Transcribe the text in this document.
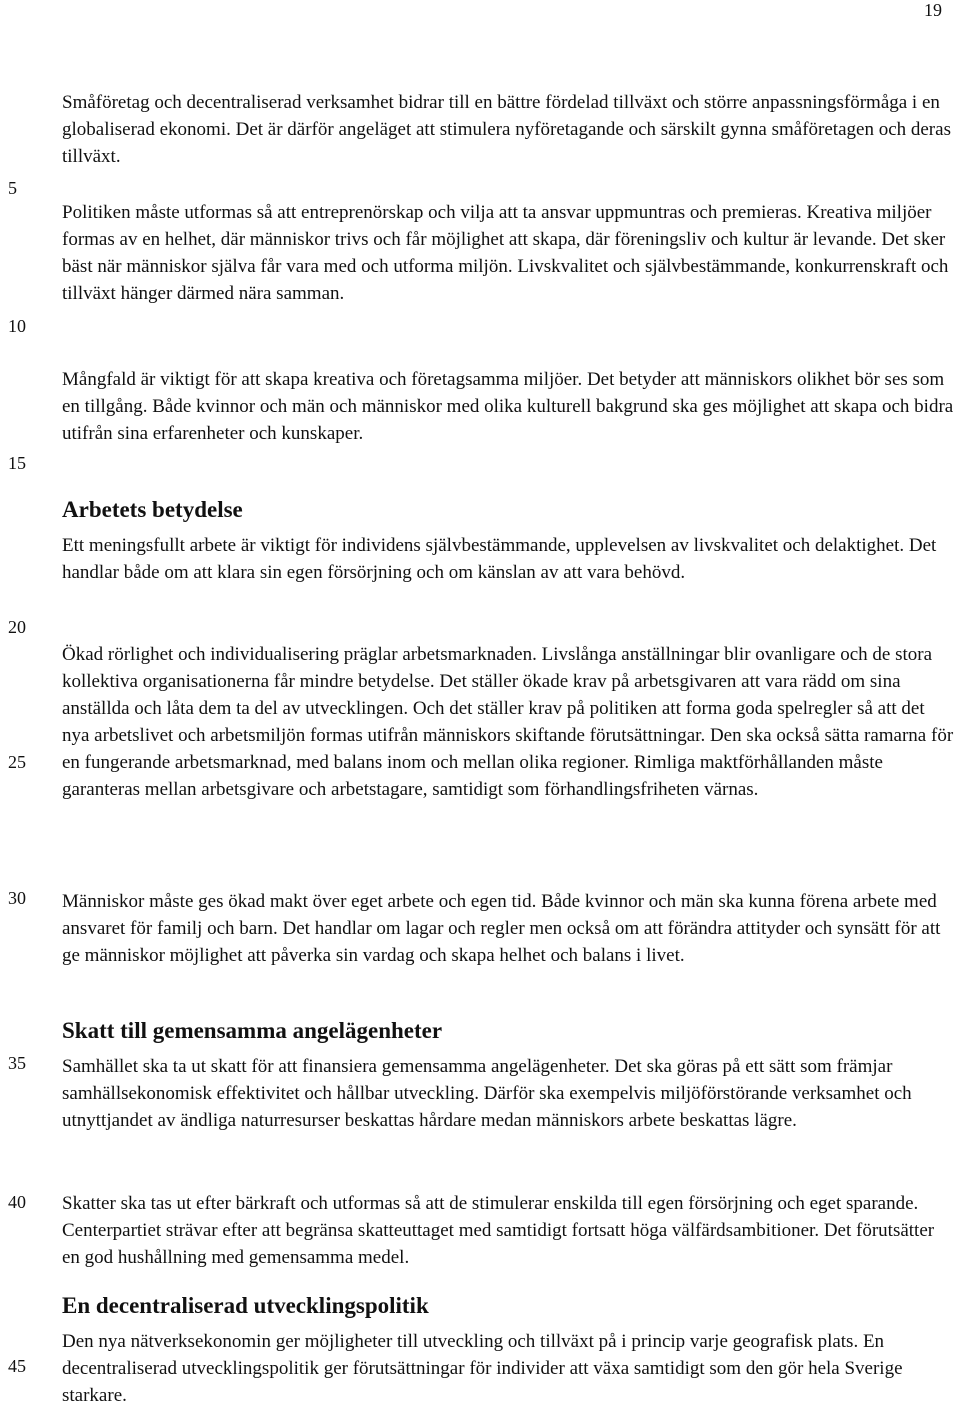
19
5
10
15
20
25
30
35
40
45

Småföretag och decentraliserad verksamhet bidrar till en bättre fördelad tillväxt och större anpassningsförmåga i en globaliserad ekonomi. Det är därför angeläget att stimulera nyföretagande och särskilt gynna småföretagen och deras tillväxt.

Politiken måste utformas så att entreprenörskap och vilja att ta ansvar uppmuntras och premieras. Kreativa miljöer formas av en helhet, där människor trivs och får möjlighet att skapa, där föreningsliv och kultur är levande. Det sker bäst när människor själva får vara med och utforma miljön. Livskvalitet och självbestämmande, konkurrenskraft och tillväxt hänger därmed nära samman.

Mångfald är viktigt för att skapa kreativa och företagsamma miljöer. Det betyder att människors olikhet bör ses som en tillgång. Både kvinnor och män och människor med olika kulturell bakgrund ska ges möjlighet att skapa och bidra utifrån sina erfarenheter och kunskaper.

Arbetets betydelse

Ett meningsfullt arbete är viktigt för individens självbestämmande, upplevelsen av livskvalitet och delaktighet. Det handlar både om att klara sin egen försörjning och om känslan av att vara behövd.

Ökad rörlighet och individualisering präglar arbetsmarknaden. Livslånga anställningar blir ovanligare och de stora kollektiva organisationerna får mindre betydelse. Det ställer ökade krav på arbetsgivaren att vara rädd om sina anställda och låta dem ta del av utvecklingen. Och det ställer krav på politiken att forma goda spelregler så att det nya arbetslivet och arbetsmiljön formas utifrån människors skiftande förutsättningar. Den ska också sätta ramarna för en fungerande arbetsmarknad, med balans inom och mellan olika regioner. Rimliga maktförhållanden måste garanteras mellan arbetsgivare och arbetstagare, samtidigt som förhandlingsfriheten värnas.

Människor måste ges ökad makt över eget arbete och egen tid. Både kvinnor och män ska kunna förena arbete med ansvaret för familj och barn. Det handlar om lagar och regler men också om att förändra attityder och synsätt för att ge människor möjlighet att påverka sin vardag och skapa helhet och balans i livet.

Skatt till gemensamma angelägenheter

Samhället ska ta ut skatt för att finansiera gemensamma angelägenheter. Det ska göras på ett sätt som främjar samhällsekonomisk effektivitet och hållbar utveckling. Därför ska exempelvis miljöförstörande verksamhet och utnyttjandet av ändliga naturresurser beskattas hårdare medan människors arbete beskattas lägre.

Skatter ska tas ut efter bärkraft och utformas så att de stimulerar enskilda till egen försörjning och eget sparande. Centerpartiet strävar efter att begränsa skatteuttaget med samtidigt fortsatt höga välfärdsambitioner. Det förutsätter en god hushållning med gemensamma medel.

En decentraliserad utvecklingspolitik

Den nya nätverksekonomin ger möjligheter till utveckling och tillväxt på i princip varje geografisk plats. En decentraliserad utvecklingspolitik ger förutsättningar för individer att växa samtidigt som den gör hela Sverige starkare.
